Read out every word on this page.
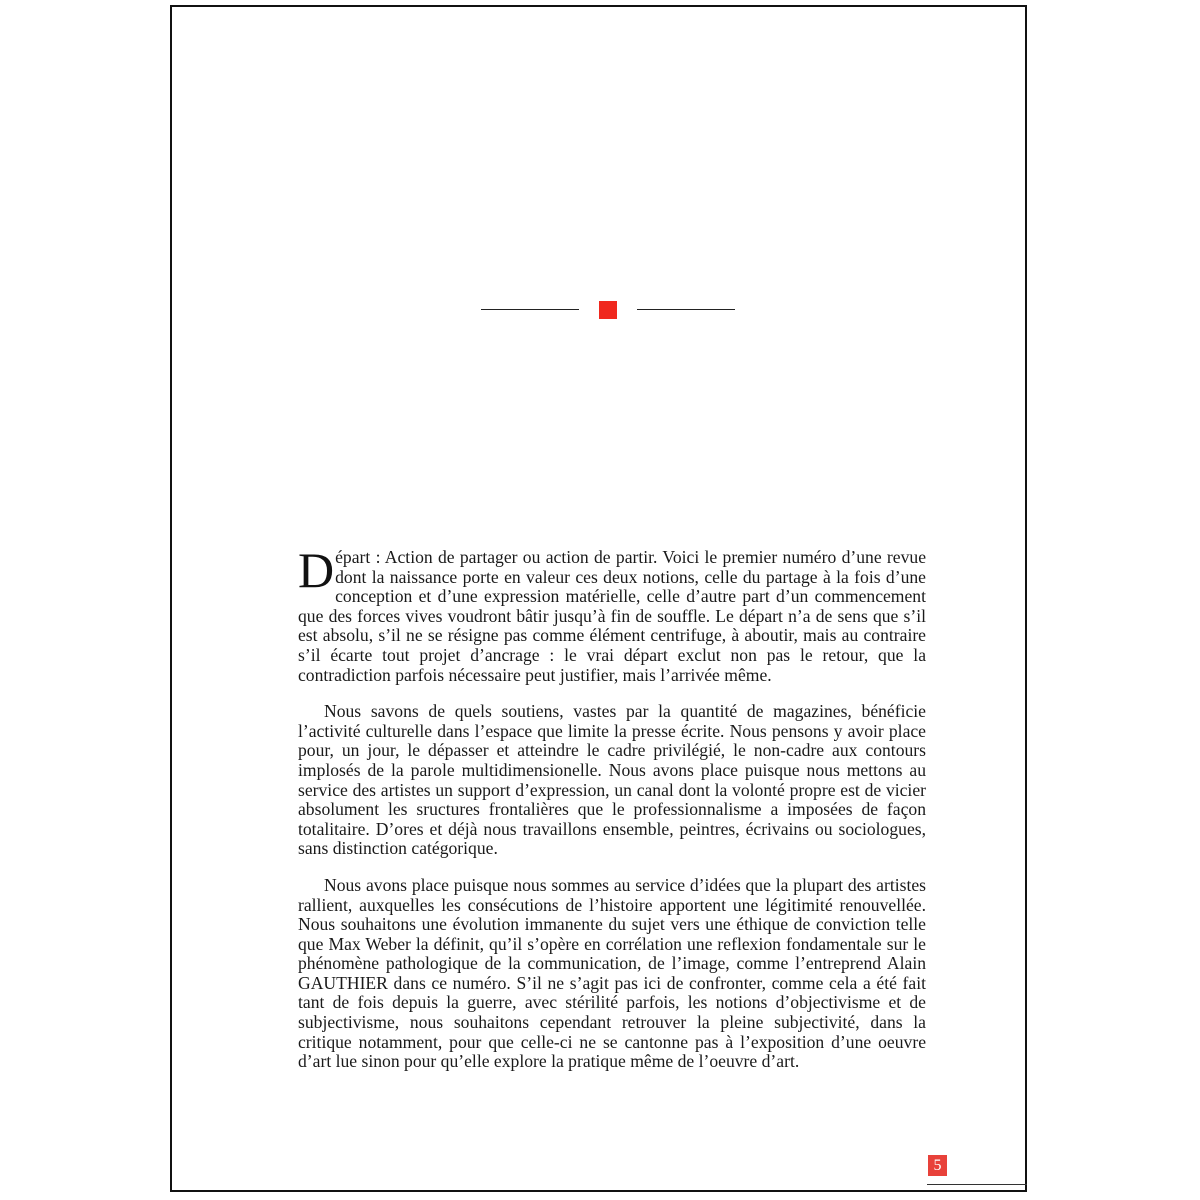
Départ : Action de partager ou action de partir. Voici le premier numéro d’une revue dont la naissance porte en valeur ces deux notions, celle du partage à la fois d’une conception et d’une expression matérielle, celle d’autre part d’un commencement que des forces vives voudront bâtir jusqu’à fin de souffle. Le départ n’a de sens que s’il est absolu, s’il ne se résigne pas comme élément centrifuge, à aboutir, mais au contraire s’il écarte tout projet d’ancrage : le vrai départ exclut non pas le retour, que la contradiction parfois nécessaire peut justifier, mais l’arrivée même.

Nous savons de quels soutiens, vastes par la quantité de magazines, bénéficie l’activité culturelle dans l’espace que limite la presse écrite. Nous pensons y avoir place pour, un jour, le dépasser et atteindre le cadre privilégié, le non-cadre aux contours implosés de la parole multidimensionelle. Nous avons place puisque nous mettons au service des artistes un support d’expression, un canal dont la volonté propre est de vicier absolument les sructures frontalières que le professionnalisme a imposées de façon totalitaire. D’ores et déjà nous travaillons ensemble, peintres, écrivains ou sociologues, sans distinction catégorique.

Nous avons place puisque nous sommes au service d’idées que la plupart des artistes rallient, auxquelles les consécutions de l’histoire apportent une légitimité renouvellée. Nous souhaitons une évolution immanente du sujet vers une éthique de conviction telle que Max Weber la définit, qu’il s’opère en corrélation une reflexion fondamentale sur le phénomène pathologique de la communication, de l’image, comme l’entreprend Alain GAUTHIER dans ce numéro. S’il ne s’agit pas ici de confronter, comme cela a été fait tant de fois depuis la guerre, avec stérilité parfois, les notions d’objectivisme et de subjectivisme, nous souhaitons cependant retrouver la pleine subjectivité, dans la critique notamment, pour que celle-ci ne se cantonne pas à l’exposition d’une oeuvre d’art lue sinon pour qu’elle explore la pratique même de l’oeuvre d’art.

5
